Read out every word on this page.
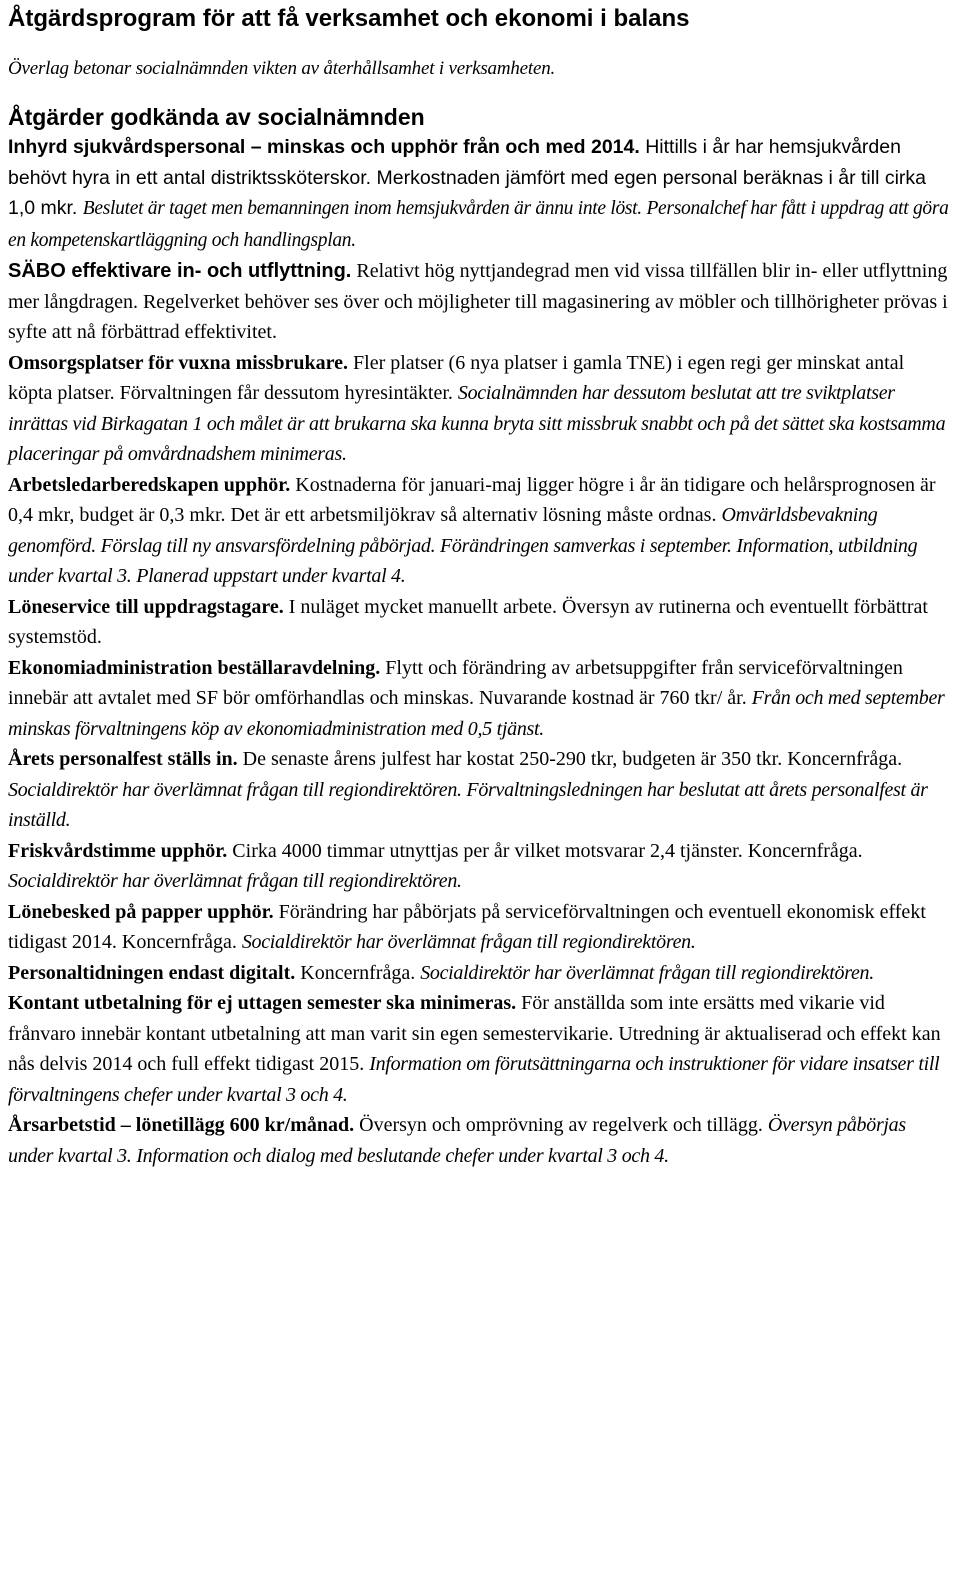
Åtgärdsprogram för att få verksamhet och ekonomi i balans

Överlag betonar socialnämnden vikten av återhållsamhet i verksamheten.

Åtgärder godkända av socialnämnden

Inhyrd sjukvårdspersonal – minskas och upphör från och med 2014. Hittills i år har hemsjukvården behövt hyra in ett antal distriktssköterskor. Merkostnaden jämfört med egen personal beräknas i år till cirka 1,0 mkr. Beslutet är taget men bemanningen inom hemsjukvården är ännu inte löst. Personalchef har fått i uppdrag att göra en kompetenskartläggning och handlingsplan.

SÄBO effektivare in- och utflyttning. Relativt hög nyttjandegrad men vid vissa tillfällen blir in- eller utflyttning mer långdragen. Regelverket behöver ses över och möjligheter till magasinering av möbler och tillhörigheter prövas i syfte att nå förbättrad effektivitet.

Omsorgsplatser för vuxna missbrukare. Fler platser (6 nya platser i gamla TNE) i egen regi ger minskat antal köpta platser. Förvaltningen får dessutom hyresintäkter. Socialnämnden har dessutom beslutat att tre sviktplatser inrättas vid Birkagatan 1 och målet är att brukarna ska kunna bryta sitt missbruk snabbt och på det sättet ska kostsamma placeringar på omvårdnadshem minimeras.

Arbetsledarberedskapen upphör. Kostnaderna för januari-maj ligger högre i år än tidigare och helårsprognosen är 0,4 mkr, budget är 0,3 mkr. Det är ett arbetsmiljökrav så alternativ lösning måste ordnas. Omvärldsbevakning genomförd. Förslag till ny ansvarsfördelning påbörjad. Förändringen samverkas i september. Information, utbildning under kvartal 3. Planerad uppstart under kvartal 4.

Löneservice till uppdragstagare. I nuläget mycket manuellt arbete. Översyn av rutinerna och eventuellt förbättrat systemstöd.

Ekonomiadministration beställaravdelning. Flytt och förändring av arbetsuppgifter från serviceförvaltningen innebär att avtalet med SF bör omförhandlas och minskas. Nuvarande kostnad är 760 tkr/ år. Från och med september minskas förvaltningens köp av ekonomiadministration med 0,5 tjänst.

Årets personalfest ställs in. De senaste årens julfest har kostat 250-290 tkr, budgeten är 350 tkr. Koncernfråga. Socialdirektör har överlämnat frågan till regiondirektören. Förvaltningsledningen har beslutat att årets personalfest är inställd.

Friskvårdstimme upphör. Cirka 4000 timmar utnyttjas per år vilket motsvarar 2,4 tjänster. Koncernfråga. Socialdirektör har överlämnat frågan till regiondirektören.

Lönebesked på papper upphör. Förändring har påbörjats på serviceförvaltningen och eventuell ekonomisk effekt tidigast 2014. Koncernfråga. Socialdirektör har överlämnat frågan till regiondirektören.

Personaltidningen endast digitalt. Koncernfråga. Socialdirektör har överlämnat frågan till regiondirektören.

Kontant utbetalning för ej uttagen semester ska minimeras. För anställda som inte ersätts med vikarie vid frånvaro innebär kontant utbetalning att man varit sin egen semestervikarie. Utredning är aktualiserad och effekt kan nås delvis 2014 och full effekt tidigast 2015. Information om förutsättningarna och instruktioner för vidare insatser till förvaltningens chefer under kvartal 3 och 4.

Årsarbetstid – lönetillägg 600 kr/månad. Översyn och omprövning av regelverk och tillägg. Översyn påbörjas under kvartal 3. Information och dialog med beslutande chefer under kvartal 3 och 4.
